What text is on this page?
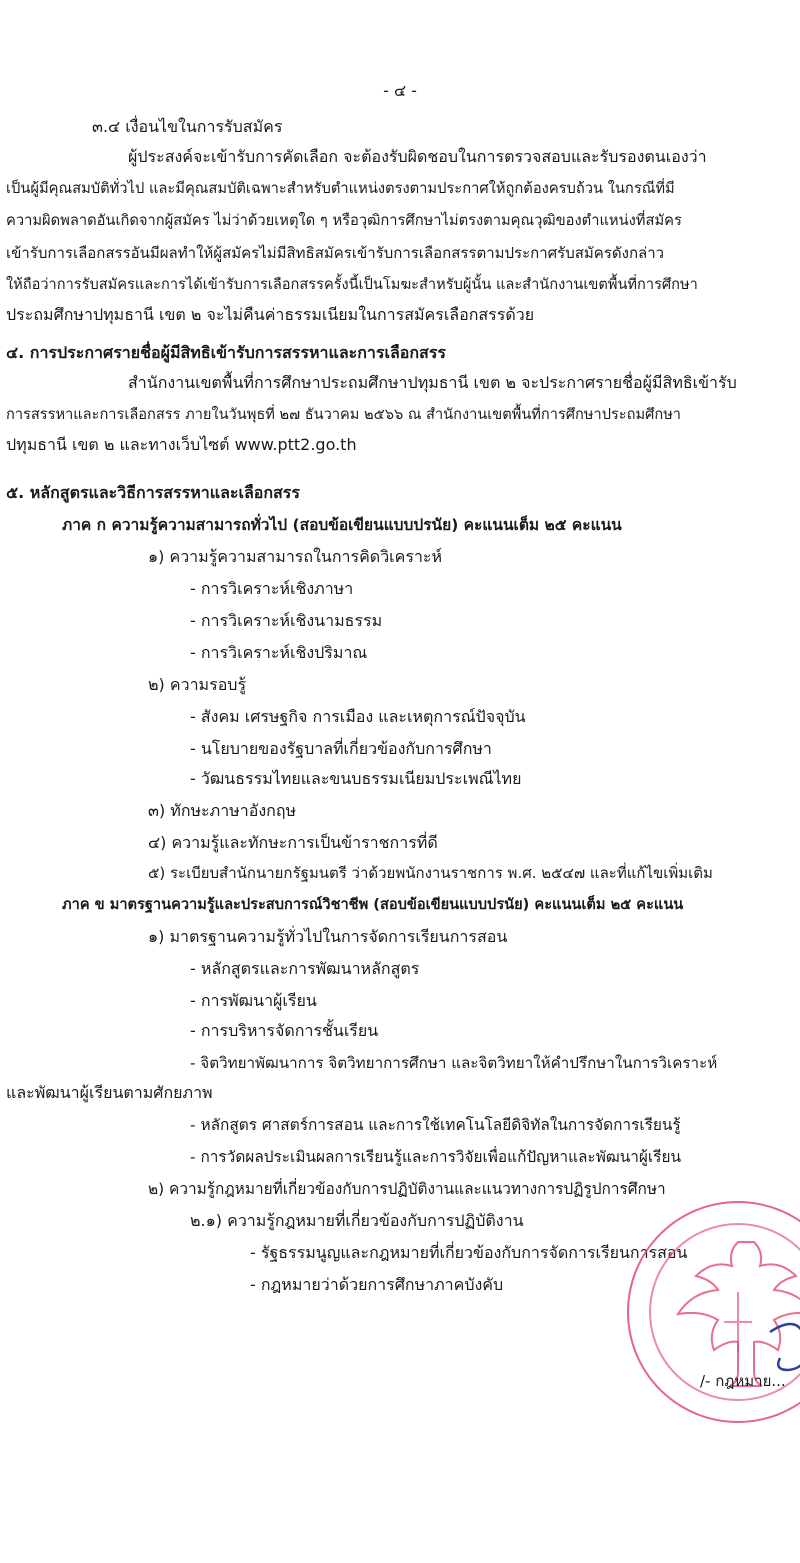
- ๔ -
๓.๔ เงื่อนไขในการรับสมัคร
ผู้ประสงค์จะเข้ารับการคัดเลือก จะต้องรับผิดชอบในการตรวจสอบและรับรองตนเองว่า
เป็นผู้มีคุณสมบัติทั่วไป และมีคุณสมบัติเฉพาะสำหรับตำแหน่งตรงตามประกาศให้ถูกต้องครบถ้วน ในกรณีที่มี
ความผิดพลาดอันเกิดจากผู้สมัคร ไม่ว่าด้วยเหตุใด ๆ หรือวุฒิการศึกษาไม่ตรงตามคุณวุฒิของตำแหน่งที่สมัคร
เข้ารับการเลือกสรรอันมีผลทำให้ผู้สมัครไม่มีสิทธิสมัครเข้ารับการเลือกสรรตามประกาศรับสมัครดังกล่าว
ให้ถือว่าการรับสมัครและการได้เข้ารับการเลือกสรรครั้งนี้เป็นโมฆะสำหรับผู้นั้น และสำนักงานเขตพื้นที่การศึกษา
ประถมศึกษาปทุมธานี เขต ๒ จะไม่คืนค่าธรรมเนียมในการสมัครเลือกสรรด้วย
๔. การประกาศรายชื่อผู้มีสิทธิเข้ารับการสรรหาและการเลือกสรร
สำนักงานเขตพื้นที่การศึกษาประถมศึกษาปทุมธานี เขต ๒ จะประกาศรายชื่อผู้มีสิทธิเข้ารับ
การสรรหาและการเลือกสรร ภายในวันพุธที่ ๒๗ ธันวาคม ๒๕๖๖ ณ สำนักงานเขตพื้นที่การศึกษาประถมศึกษา
ปทุมธานี เขต ๒ และทางเว็บไซต์ www.ptt2.go.th
๕. หลักสูตรและวิธีการสรรหาและเลือกสรร
ภาค ก ความรู้ความสามารถทั่วไป (สอบข้อเขียนแบบปรนัย) คะแนนเต็ม ๒๕ คะแนน
๑) ความรู้ความสามารถในการคิดวิเคราะห์
- การวิเคราะห์เชิงภาษา
- การวิเคราะห์เชิงนามธรรม
- การวิเคราะห์เชิงปริมาณ
๒) ความรอบรู้
- สังคม เศรษฐกิจ การเมือง และเหตุการณ์ปัจจุบัน
- นโยบายของรัฐบาลที่เกี่ยวข้องกับการศึกษา
- วัฒนธรรมไทยและขนบธรรมเนียมประเพณีไทย
๓) ทักษะภาษาอังกฤษ
๔) ความรู้และทักษะการเป็นข้าราชการที่ดี
๕) ระเบียบสำนักนายกรัฐมนตรี ว่าด้วยพนักงานราชการ พ.ศ. ๒๕๔๗ และที่แก้ไขเพิ่มเติม
ภาค ข มาตรฐานความรู้และประสบการณ์วิชาชีพ (สอบข้อเขียนแบบปรนัย) คะแนนเต็ม ๒๕ คะแนน
๑) มาตรฐานความรู้ทั่วไปในการจัดการเรียนการสอน
- หลักสูตรและการพัฒนาหลักสูตร
- การพัฒนาผู้เรียน
- การบริหารจัดการชั้นเรียน
- จิตวิทยาพัฒนาการ จิตวิทยาการศึกษา และจิตวิทยาให้คำปรึกษาในการวิเคราะห์
และพัฒนาผู้เรียนตามศักยภาพ
- หลักสูตร ศาสตร์การสอน และการใช้เทคโนโลยีดิจิทัลในการจัดการเรียนรู้
- การวัดผลประเมินผลการเรียนรู้และการวิจัยเพื่อแก้ปัญหาและพัฒนาผู้เรียน
๒) ความรู้กฎหมายที่เกี่ยวข้องกับการปฏิบัติงานและแนวทางการปฏิรูปการศึกษา
๒.๑) ความรู้กฎหมายที่เกี่ยวข้องกับการปฏิบัติงาน
- รัฐธรรมนูญและกฎหมายที่เกี่ยวข้องกับการจัดการเรียนการสอน
- กฎหมายว่าด้วยการศึกษาภาคบังคับ
/- กฎหมาย...
